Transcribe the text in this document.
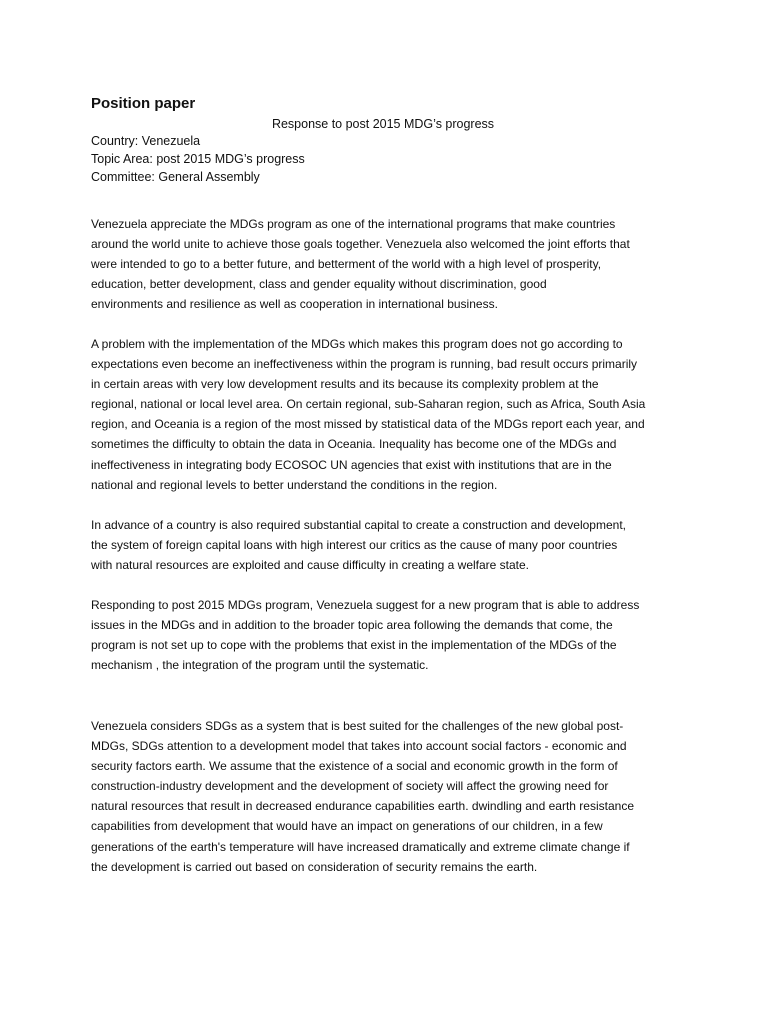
Position paper
Response to post 2015 MDG’s progress
Country: Venezuela
Topic Area: post 2015 MDG’s progress
Committee: General Assembly

Venezuela appreciate the MDGs program as one of the international programs that make countries
around the world unite to achieve those goals together. Venezuela also welcomed the joint efforts that
were intended to go to a better future, and betterment of the world with a high level of prosperity,
education, better development, class and gender equality without discrimination, good
environments and resilience as well as cooperation in international business.

A problem with the implementation of the MDGs which makes this program does not go according to
expectations even become an ineffectiveness within the program is running, bad result occurs primarily
in certain areas with very low development results and its because its complexity problem at the
regional, national or local level area. On certain regional, sub-Saharan region, such as Africa, South Asia
region, and Oceania is a region of the most missed by statistical data of the MDGs report each year, and
sometimes the difficulty to obtain the data in Oceania. Inequality has become one of the MDGs and
ineffectiveness in integrating body ECOSOC UN agencies that exist with institutions that are in the
national and regional levels to better understand the conditions in the region.

In advance of a country is also required substantial capital to create a construction and development,
the system of foreign capital loans with high interest our critics as the cause of many poor countries
with natural resources are exploited and cause difficulty in creating a welfare state.

Responding to post 2015 MDGs program, Venezuela suggest for a new program that is able to address
issues in the MDGs and in addition to the broader topic area following the demands that come, the
program is not set up to cope with the problems that exist in the implementation of the MDGs of the
mechanism , the integration of the program until the systematic.

Venezuela considers SDGs as a system that is best suited for the challenges of the new global post-
MDGs, SDGs attention to a development model that takes into account social factors - economic and
security factors earth. We assume that the existence of a social and economic growth in the form of
construction-industry development and the development of society will affect the growing need for
natural resources that result in decreased endurance capabilities earth. dwindling and earth resistance
capabilities from development that would have an impact on generations of our children, in a few
generations of the earth's temperature will have increased dramatically and extreme climate change if
the development is carried out based on consideration of security remains the earth.
